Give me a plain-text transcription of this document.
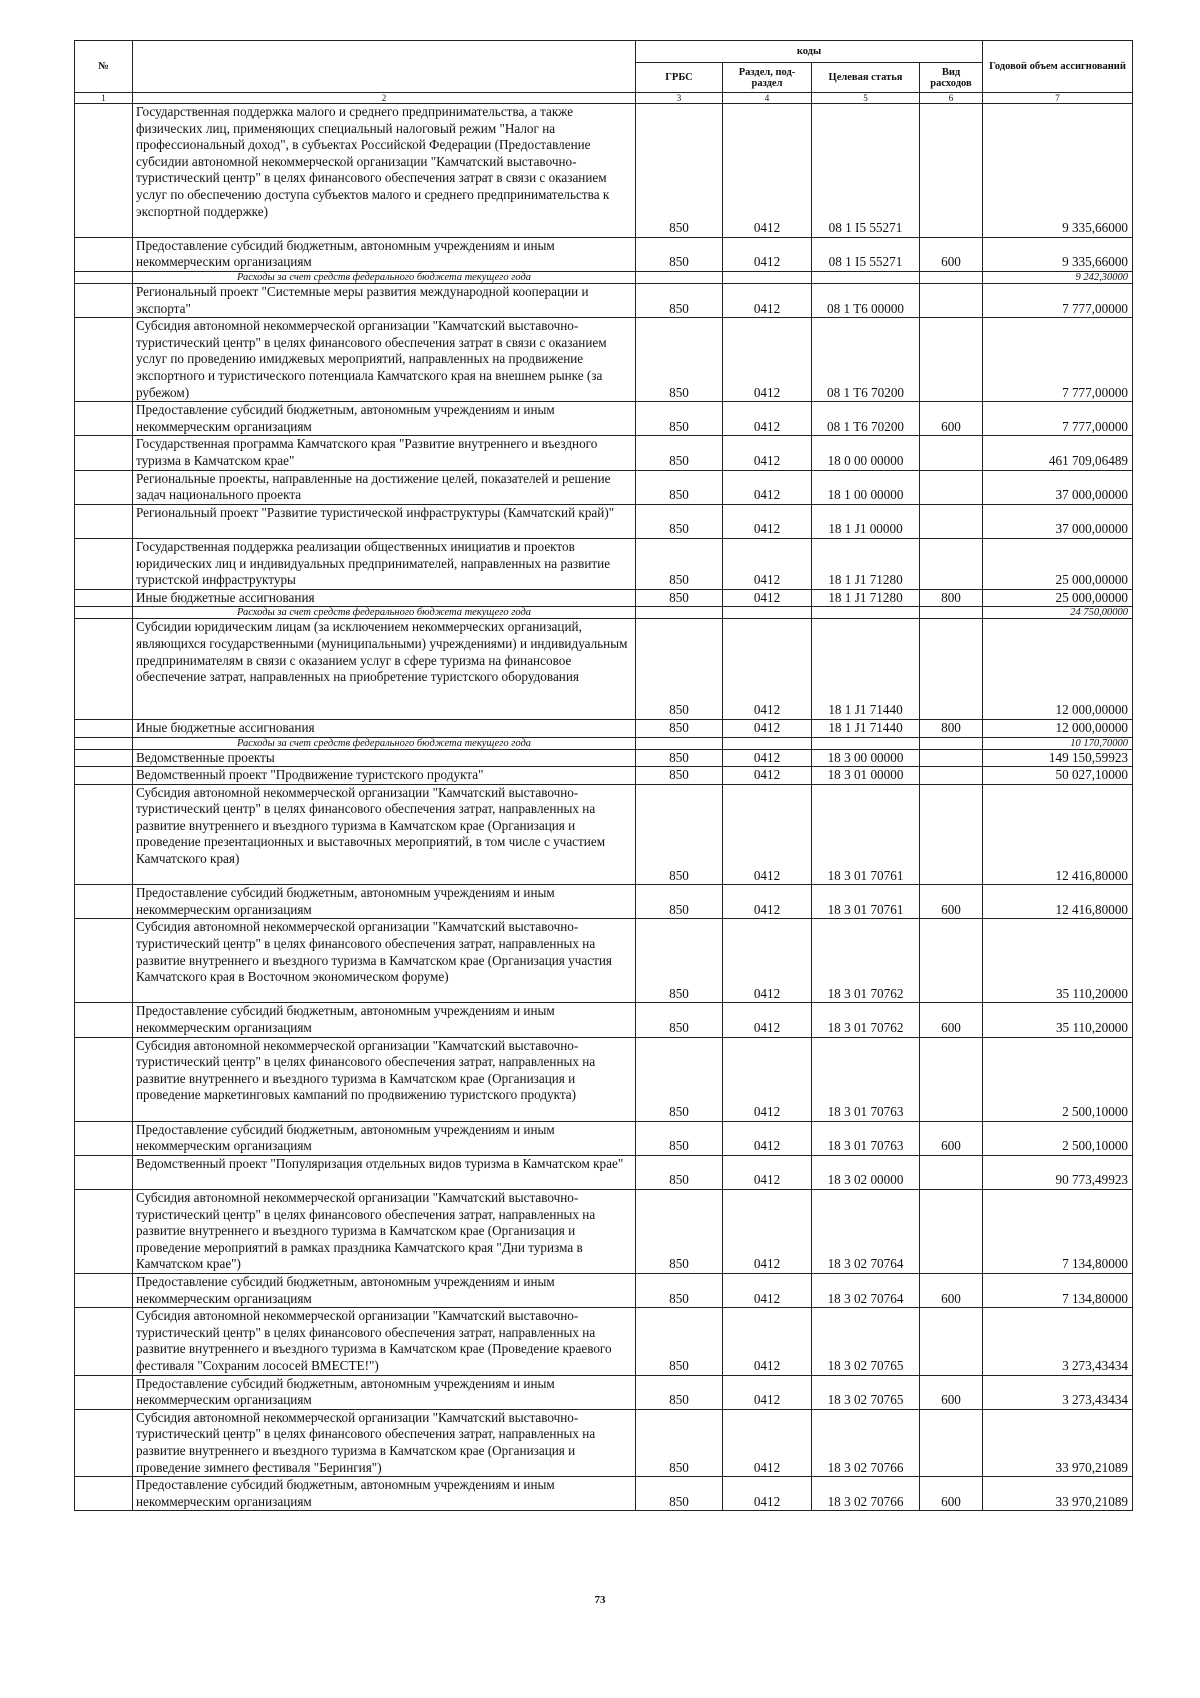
№		коды				Годовой объем ассигнований
		ГРБС	Раздел, под-раздел	Целевая статья	Вид расходов	
1	2	3	4	5	6	7
	Государственная поддержка малого и среднего предпринимательства, а также физических лиц, применяющих специальный налоговый режим "Налог на профессиональный доход", в субъектах Российской Федерации (Предоставление субсидии автономной некоммерческой организации "Камчатский выставочно-туристический центр" в целях финансового обеспечения затрат в связи с оказанием услуг по обеспечению доступа субъектов малого и среднего предпринимательства к экспортной поддержке)	850	0412	08 1 I5 55271		9 335,66000
	Предоставление субсидий бюджетным, автономным учреждениям и иным некоммерческим организациям	850	0412	08 1 I5 55271	600	9 335,66000
	Расходы за счет средств федерального бюджета текущего года					9 242,30000
	Региональный проект "Системные меры развития международной кооперации и экспорта"	850	0412	08 1 T6 00000		7 777,00000
	Субсидия автономной некоммерческой организации "Камчатский выставочно-туристический центр" в целях финансового обеспечения затрат в связи с оказанием услуг по проведению имиджевых мероприятий, направленных на продвижение экспортного и туристического потенциала Камчатского края на внешнем рынке (за рубежом)	850	0412	08 1 T6 70200		7 777,00000
	Предоставление субсидий бюджетным, автономным учреждениям и иным некоммерческим организациям	850	0412	08 1 T6 70200	600	7 777,00000
	Государственная программа Камчатского края "Развитие внутреннего и въездного туризма в Камчатском крае"	850	0412	18 0 00 00000		461 709,06489
	Региональные проекты, направленные на достижение целей, показателей и решение задач национального проекта	850	0412	18 1 00 00000		37 000,00000
	Региональный проект "Развитие туристической инфраструктуры (Камчатский край)"	850	0412	18 1 J1 00000		37 000,00000
	Государственная поддержка реализации общественных инициатив и проектов юридических лиц и индивидуальных предпринимателей, направленных на развитие туристской инфраструктуры	850	0412	18 1 J1 71280		25 000,00000
	Иные бюджетные ассигнования	850	0412	18 1 J1 71280	800	25 000,00000
	Расходы за счет средств федерального бюджета текущего года					24 750,00000
	Субсидии юридическим лицам (за исключением некоммерческих организаций, являющихся государственными (муниципальными) учреждениями) и индивидуальным предпринимателям в связи с оказанием услуг в сфере туризма на финансовое обеспечение затрат, направленных на приобретение туристского оборудования	850	0412	18 1 J1 71440		12 000,00000
	Иные бюджетные ассигнования	850	0412	18 1 J1 71440	800	12 000,00000
	Расходы за счет средств федерального бюджета текущего года					10 170,70000
	Ведомственные проекты	850	0412	18 3 00 00000		149 150,59923
	Ведомственный проект "Продвижение туристского продукта"	850	0412	18 3 01 00000		50 027,10000
	Субсидия автономной некоммерческой организации "Камчатский выставочно-туристический центр" в целях финансового обеспечения затрат, направленных на развитие внутреннего и въездного туризма в Камчатском крае (Организация и проведение презентационных и выставочных мероприятий, в том числе с участием Камчатского края)	850	0412	18 3 01 70761		12 416,80000
	Предоставление субсидий бюджетным, автономным учреждениям и иным некоммерческим организациям	850	0412	18 3 01 70761	600	12 416,80000
	Субсидия автономной некоммерческой организации "Камчатский выставочно-туристический центр" в целях финансового обеспечения затрат, направленных на развитие внутреннего и въездного туризма в Камчатском крае (Организация участия Камчатского края в Восточном экономическом форуме)	850	0412	18 3 01 70762		35 110,20000
	Предоставление субсидий бюджетным, автономным учреждениям и иным некоммерческим организациям	850	0412	18 3 01 70762	600	35 110,20000
	Субсидия автономной некоммерческой организации "Камчатский выставочно-туристический центр" в целях финансового обеспечения затрат, направленных на развитие внутреннего и въездного туризма в Камчатском крае (Организация и проведение маркетинговых кампаний по продвижению туристского продукта)	850	0412	18 3 01 70763		2 500,10000
	Предоставление субсидий бюджетным, автономным учреждениям и иным некоммерческим организациям	850	0412	18 3 01 70763	600	2 500,10000
	Ведомственный проект "Популяризация отдельных видов туризма в Камчатском крае"	850	0412	18 3 02 00000		90 773,49923
	Субсидия автономной некоммерческой организации "Камчатский выставочно-туристический центр" в целях финансового обеспечения затрат, направленных на развитие внутреннего и въездного туризма в Камчатском крае (Организация и проведение мероприятий в рамках праздника Камчатского края "Дни туризма в Камчатском крае")	850	0412	18 3 02 70764		7 134,80000
	Предоставление субсидий бюджетным, автономным учреждениям и иным некоммерческим организациям	850	0412	18 3 02 70764	600	7 134,80000
	Субсидия автономной некоммерческой организации "Камчатский выставочно-туристический центр" в целях финансового обеспечения затрат, направленных на развитие внутреннего и въездного туризма в Камчатском крае (Проведение краевого фестиваля "Сохраним лососей ВМЕСТЕ!")	850	0412	18 3 02 70765		3 273,43434
	Предоставление субсидий бюджетным, автономным учреждениям и иным некоммерческим организациям	850	0412	18 3 02 70765	600	3 273,43434
	Субсидия автономной некоммерческой организации "Камчатский выставочно-туристический центр" в целях финансового обеспечения затрат, направленных на развитие внутреннего и въездного туризма в Камчатском крае (Организация и проведение зимнего фестиваля "Берингия")	850	0412	18 3 02 70766		33 970,21089
	Предоставление субсидий бюджетным, автономным учреждениям и иным некоммерческим организациям	850	0412	18 3 02 70766	600	33 970,21089
73
